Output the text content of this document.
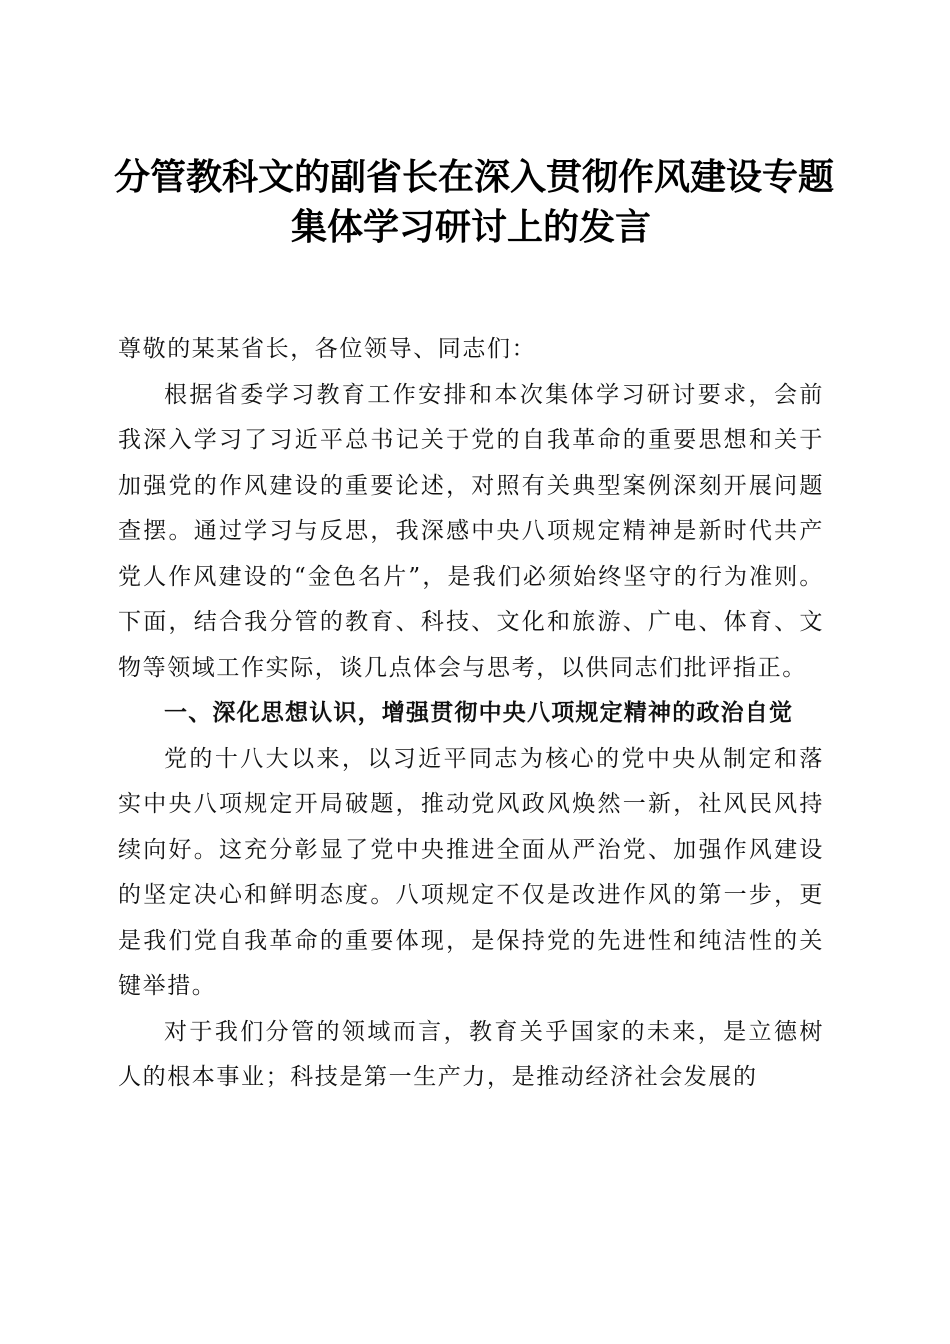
分管教科文的副省长在深入贯彻作风建设专题
集体学习研讨上的发言

尊敬的某某省长，各位领导、同志们：

根据省委学习教育工作安排和本次集体学习研讨要求，会前我深入学习了习近平总书记关于党的自我革命的重要思想和关于加强党的作风建设的重要论述，对照有关典型案例深刻开展问题查摆。通过学习与反思，我深感中央八项规定精神是新时代共产党人作风建设的“金色名片”，是我们必须始终坚守的行为准则。下面，结合我分管的教育、科技、文化和旅游、广电、体育、文物等领域工作实际，谈几点体会与思考，以供同志们批评指正。

一、深化思想认识，增强贯彻中央八项规定精神的政治自觉

党的十八大以来，以习近平同志为核心的党中央从制定和落实中央八项规定开局破题，推动党风政风焕然一新，社风民风持续向好。这充分彰显了党中央推进全面从严治党、加强作风建设的坚定决心和鲜明态度。八项规定不仅是改进作风的第一步，更是我们党自我革命的重要体现，是保持党的先进性和纯洁性的关键举措。

对于我们分管的领域而言，教育关乎国家的未来，是立德树人的根本事业；科技是第一生产力，是推动经济社会发展的
